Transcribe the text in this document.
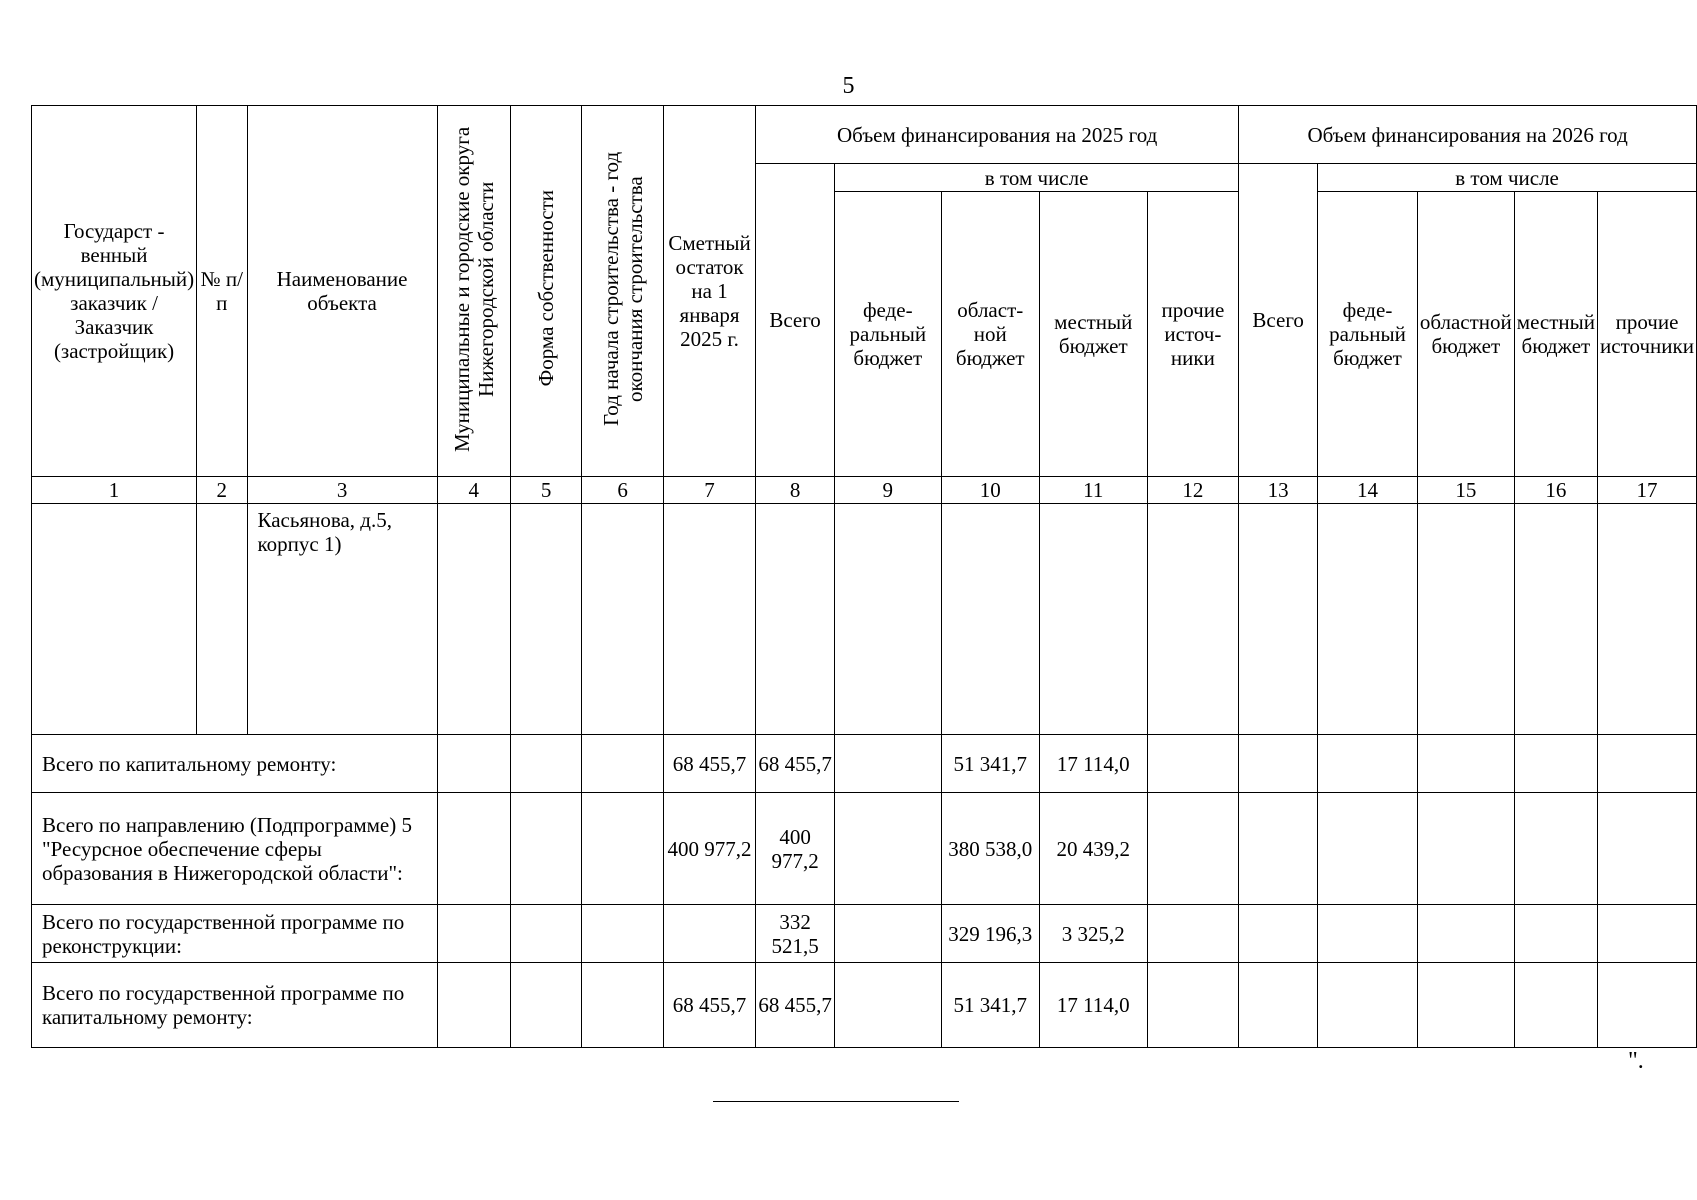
5
Государст - венный (муниципальный) заказчик / Заказчик (застройщик)	№ п/п	Наименование объекта	Муниципальные и городские округа Нижегородской области	Форма собственности	Год начала строительства - год окончания строительства	Сметный остаток на 1 января 2025 г.	Объем финансирования на 2025 год					Объем финансирования на 2026 год				
							Всего	в том числе				Всего	в том числе			
								феде- ральный бюджет	област- ной бюджет	местный бюджет	прочие источ- ники		феде- ральный бюджет	областной бюджет	местный бюджет	прочие источники
1	2	3	4	5	6	7	8	9	10	11	12	13	14	15	16	17
		Касьянова, д.5, корпус 1)														
Всего по капитальному ремонту:						68 455,7	68 455,7		51 341,7	17 114,0						
Всего по направлению (Подпрограмме) 5 "Ресурсное обеспечение сферы образования в Нижегородской области":						400 977,2	400 977,2		380 538,0	20 439,2						
Всего по государственной программе по реконструкции:							332 521,5		329 196,3	3 325,2						
Всего по государственной программе по капитальному ремонту:						68 455,7	68 455,7		51 341,7	17 114,0						
".
